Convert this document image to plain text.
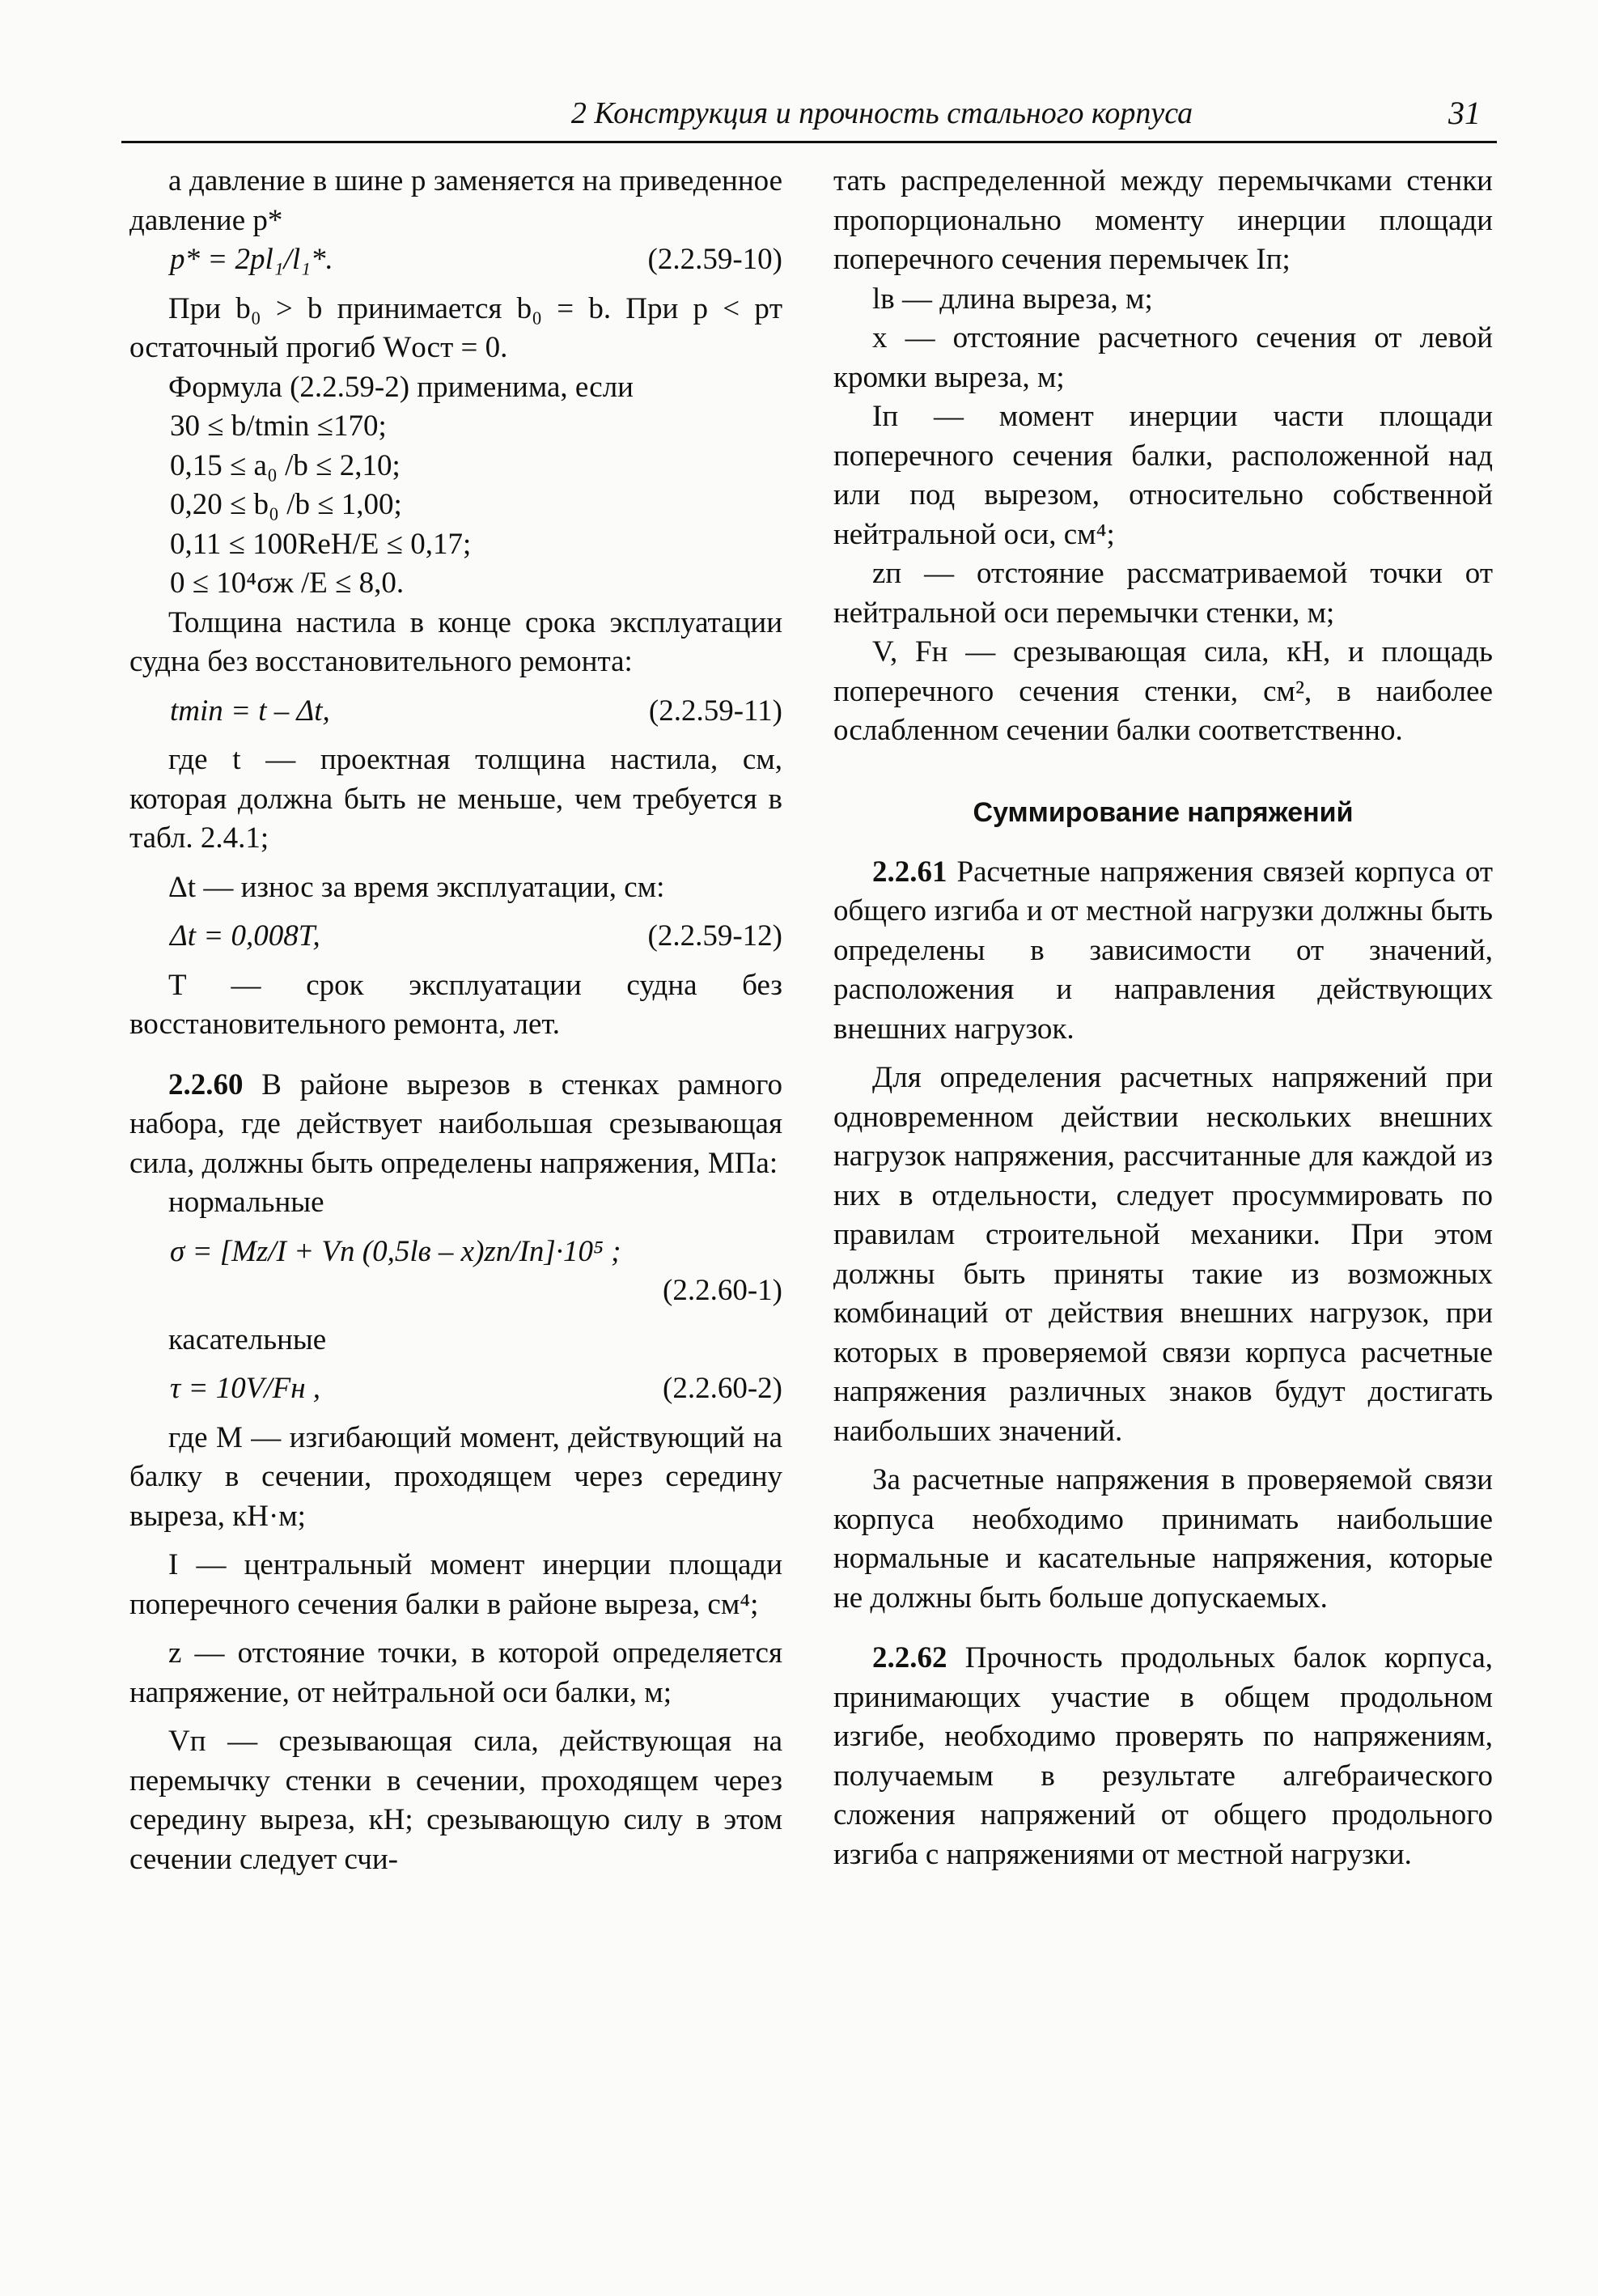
2 Конструкция и прочность стального корпуса	31

а давление в шине p заменяется на приведенное давление p*

p* = 2pl₁/l₁*.	(2.2.59-10)

При b₀ > b принимается b₀ = b. При p < pт остаточный прогиб Wост = 0.

Формула (2.2.59-2) применима, если

30 ≤ b/tmin ≤170;
0,15 ≤ a₀ /b ≤ 2,10;
0,20 ≤ b₀ /b ≤ 1,00;
0,11 ≤ 100ReH/E ≤ 0,17;
0 ≤ 10⁴σж /E ≤ 8,0.

Толщина настила в конце срока эксплуатации судна без восстановительного ремонта:

tmin = t – Δt,	(2.2.59-11)

где t — проектная толщина настила, см, которая должна быть не меньше, чем требуется в табл. 2.4.1;

Δt — износ за время эксплуатации, см:

Δt = 0,008T,	(2.2.59-12)

T — срок эксплуатации судна без восстановительного ремонта, лет.

2.2.60 В районе вырезов в стенках рамного набора, где действует наибольшая срезывающая сила, должны быть определены напряжения, МПа:

нормальные

σ = [Mz/I + Vп (0,5lв – x)zп/Iп]·10⁵ ;
(2.2.60-1)

касательные

τ = 10V/Fн ,	(2.2.60-2)

где M — изгибающий момент, действующий на балку в сечении, проходящем через середину выреза, кН·м;

I — центральный момент инерции площади поперечного сечения балки в районе выреза, см⁴;

z — отстояние точки, в которой определяется напряжение, от нейтральной оси балки, м;

Vп — срезывающая сила, действующая на перемычку стенки в сечении, проходящем через середину выреза, кН; срезывающую силу в этом сечении следует счи-

тать распределенной между перемычками стенки пропорционально моменту инерции площади поперечного сечения перемычек Iп;

lв — длина выреза, м;

x — отстояние расчетного сечения от левой кромки выреза, м;

Iп — момент инерции части площади поперечного сечения балки, расположенной над или под вырезом, относительно собственной нейтральной оси, см⁴;

zп — отстояние рассматриваемой точки от нейтральной оси перемычки стенки, м;

V, Fн — срезывающая сила, кН, и площадь поперечного сечения стенки, см², в наиболее ослабленном сечении балки соответственно.

Суммирование напряжений

2.2.61 Расчетные напряжения связей корпуса от общего изгиба и от местной нагрузки должны быть определены в зависимости от значений, расположения и направления действующих внешних нагрузок.

Для определения расчетных напряжений при одновременном действии нескольких внешних нагрузок напряжения, рассчитанные для каждой из них в отдельности, следует просуммировать по правилам строительной механики. При этом должны быть приняты такие из возможных комбинаций от действия внешних нагрузок, при которых в проверяемой связи корпуса расчетные напряжения различных знаков будут достигать наибольших значений.

За расчетные напряжения в проверяемой связи корпуса необходимо принимать наибольшие нормальные и касательные напряжения, которые не должны быть больше допускаемых.

2.2.62 Прочность продольных балок корпуса, принимающих участие в общем продольном изгибе, необходимо проверять по напряжениям, получаемым в результате алгебраического сложения напряжений от общего продольного изгиба с напряжениями от местной нагрузки.
